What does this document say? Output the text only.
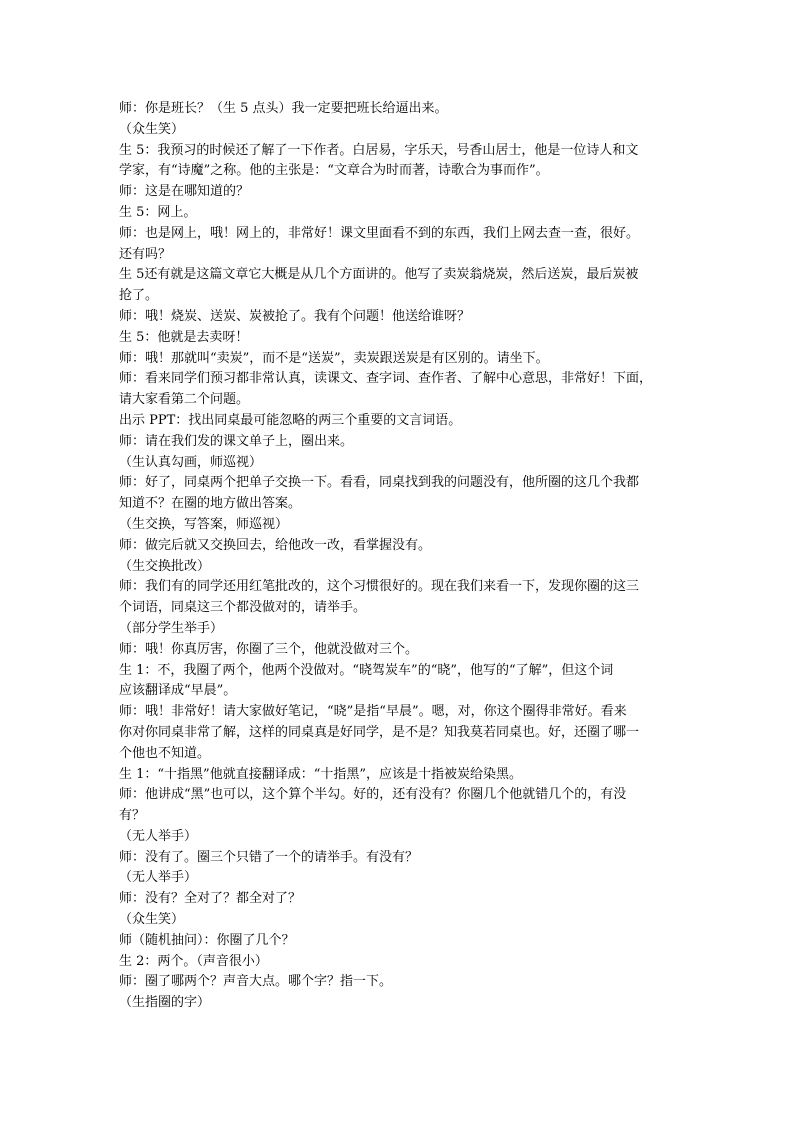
师：你是班长？（生 5 点头）我一定要把班长给逼出来。
（众生笑）
生 5：我预习的时候还了解了一下作者。白居易，字乐天，号香山居士，他是一位诗人和文
学家，有“诗魔”之称。他的主张是：“文章合为时而著，诗歌合为事而作”。
师：这是在哪知道的？
生 5：网上。
师：也是网上，哦！网上的，非常好！课文里面看不到的东西，我们上网去查一查，很好。
还有吗？
生 5还有就是这篇文章它大概是从几个方面讲的。他写了卖炭翁烧炭，然后送炭，最后炭被
抢了。
师：哦！烧炭、送炭、炭被抢了。我有个问题！他送给谁呀？
生 5：他就是去卖呀！
师：哦！那就叫“卖炭”，而不是“送炭”，卖炭跟送炭是有区别的。请坐下。
师：看来同学们预习都非常认真，读课文、查字词、查作者、了解中心意思，非常好！下面，
请大家看第二个问题。
出示 PPT：找出同桌最可能忽略的两三个重要的文言词语。
师：请在我们发的课文单子上，圈出来。
（生认真勾画，师巡视）
师：好了，同桌两个把单子交换一下。看看，同桌找到我的问题没有，他所圈的这几个我都
知道不？在圈的地方做出答案。
（生交换，写答案，师巡视）
师：做完后就又交换回去，给他改一改，看掌握没有。
（生交换批改）
师：我们有的同学还用红笔批改的，这个习惯很好的。现在我们来看一下，发现你圈的这三
个词语，同桌这三个都没做对的，请举手。
（部分学生举手）
师：哦！你真厉害，你圈了三个，他就没做对三个。
生 1：不，我圈了两个，他两个没做对。“晓驾炭车”的“晓”，他写的“了解”，但这个词
应该翻译成“早晨”。
师：哦！非常好！请大家做好笔记，“晓”是指“早晨”。嗯，对，你这个圈得非常好。看来
你对你同桌非常了解，这样的同桌真是好同学，是不是？知我莫若同桌也。好，还圈了哪一
个他也不知道。
生 1：“十指黑”他就直接翻译成：“十指黑”，应该是十指被炭给染黑。
师：他讲成“黑”也可以，这个算个半勾。好的，还有没有？你圈几个他就错几个的，有没
有？
（无人举手）
师：没有了。圈三个只错了一个的请举手。有没有？
（无人举手）
师：没有？全对了？都全对了？
（众生笑）
师（随机抽问）：你圈了几个？
生 2：两个。（声音很小）
师：圈了哪两个？声音大点。哪个字？指一下。
（生指圈的字）
